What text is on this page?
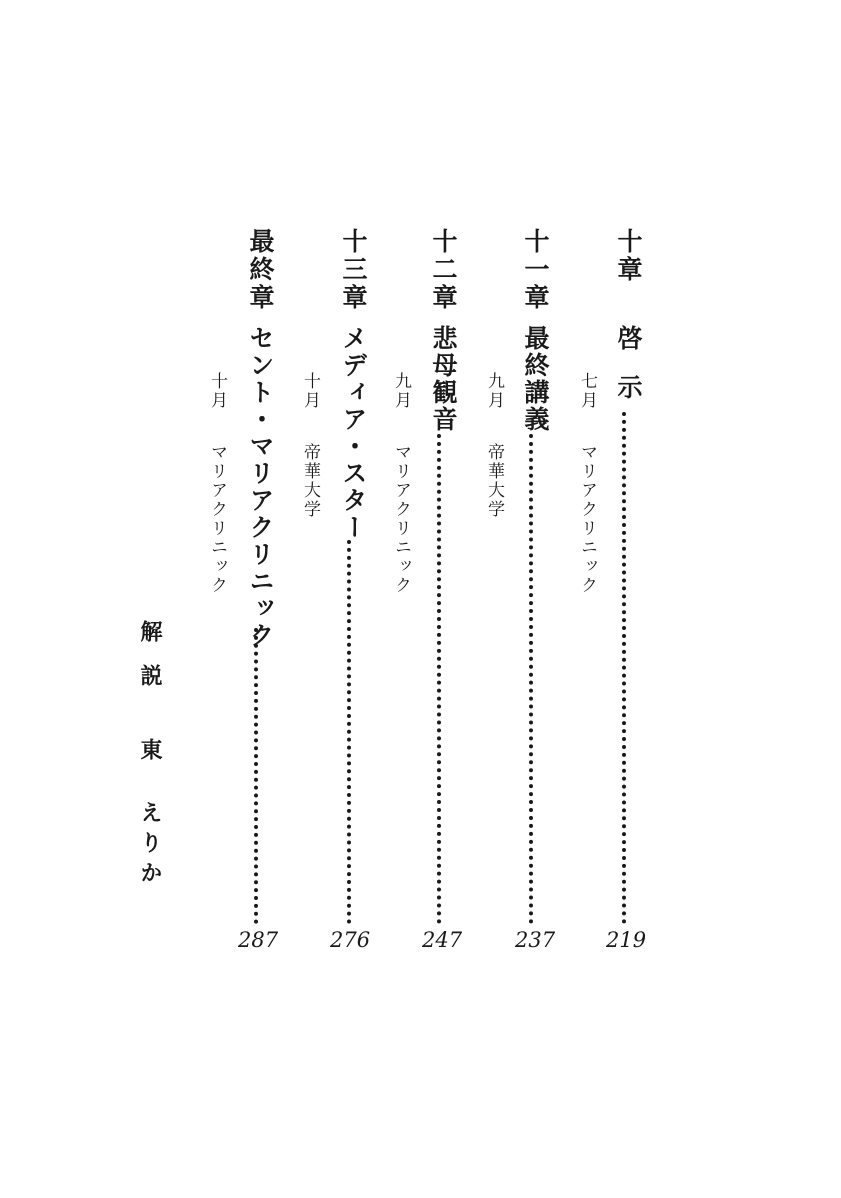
十章
啓示
七月
マリアクリニック
219
十一章
最終講義
九月
帝華大学
237
十二章
悲母観音
九月
マリアクリニック
247
十三章
メディア・スター
十月
帝華大学
276
最終章
セント・マリアクリニック
十月
マリアクリニック
287
解
説
東 えりか
